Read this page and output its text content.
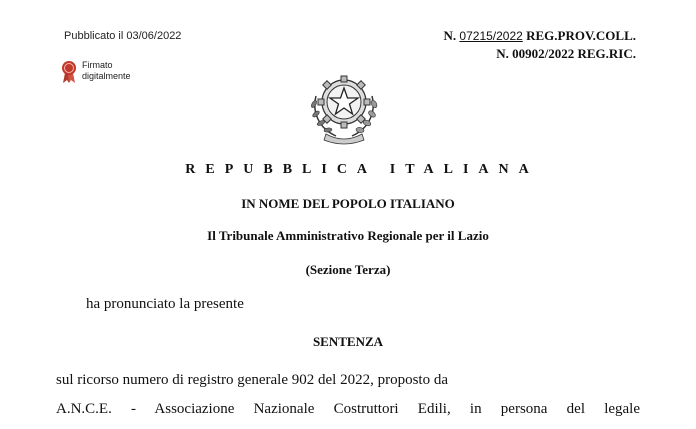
Pubblicato il 03/06/2022	N. 07215/2022 REG.PROV.COLL.
N. 00902/2022 REG.RIC.
Firmato digitalmente
REPUBBLICA ITALIANA
IN NOME DEL POPOLO ITALIANO
Il Tribunale Amministrativo Regionale per il Lazio
(Sezione Terza)
ha pronunciato la presente
SENTENZA
sul ricorso numero di registro generale 902 del 2022, proposto da
A.N.C.E. - Associazione Nazionale Costruttori Edili, in persona del legale
